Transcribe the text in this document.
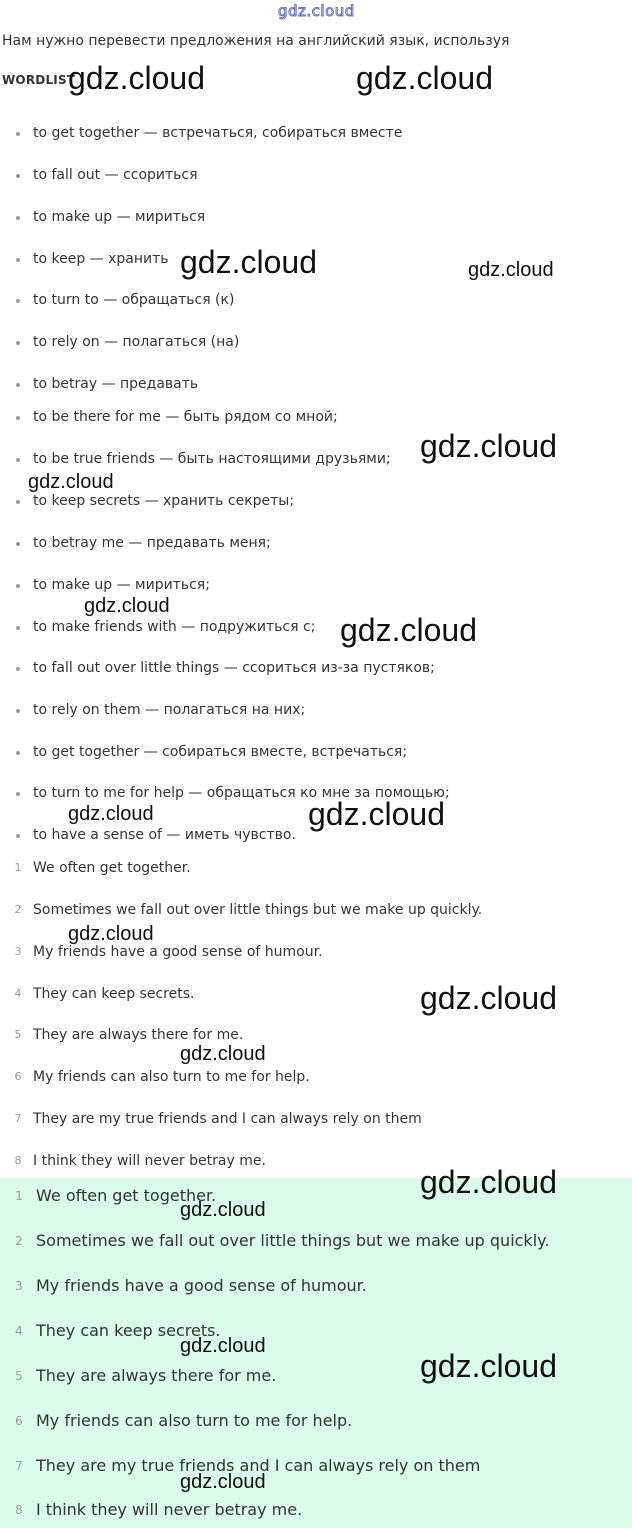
gdz.cloud
Нам нужно перевести предложения на английский язык, используя
WORDLIST
to get together — встречаться, собираться вместе
to fall out — ссориться
to make up — мириться
to keep — хранить
to turn to — обращаться (к)
to rely on — полагаться (на)
to betray — предавать
to be there for me — быть рядом со мной;
to be true friends — быть настоящими друзьями;
to keep secrets — хранить секреты;
to betray me — предавать меня;
to make up — мириться;
to make friends with — подружиться с;
to fall out over little things — ссориться из-за пустяков;
to rely on them — полагаться на них;
to get together — собираться вместе, встречаться;
to turn to me for help — обращаться ко мне за помощью;
to have a sense of — иметь чувство.
1 We often get together.
2 Sometimes we fall out over little things but we make up quickly.
3 My friends have a good sense of humour.
4 They can keep secrets.
5 They are always there for me.
6 My friends can also turn to me for help.
7 They are my true friends and I can always rely on them
8 I think they will never betray me.
1 We often get together.
2 Sometimes we fall out over little things but we make up quickly.
3 My friends have a good sense of humour.
4 They can keep secrets.
5 They are always there for me.
6 My friends can also turn to me for help.
7 They are my true friends and I can always rely on them
8 I think they will never betray me.
gdz.cloud	gdz.cloud
gdz.cloud	gdz.cloud
gdz.cloud
gdz.cloud
gdz.cloud
gdz.cloud
gdz.cloud	gdz.cloud
gdz.cloud
gdz.cloud
gdz.cloud
gdz.cloud
gdz.cloud
gdz.cloud
gdz.cloud
gdz.cloud
